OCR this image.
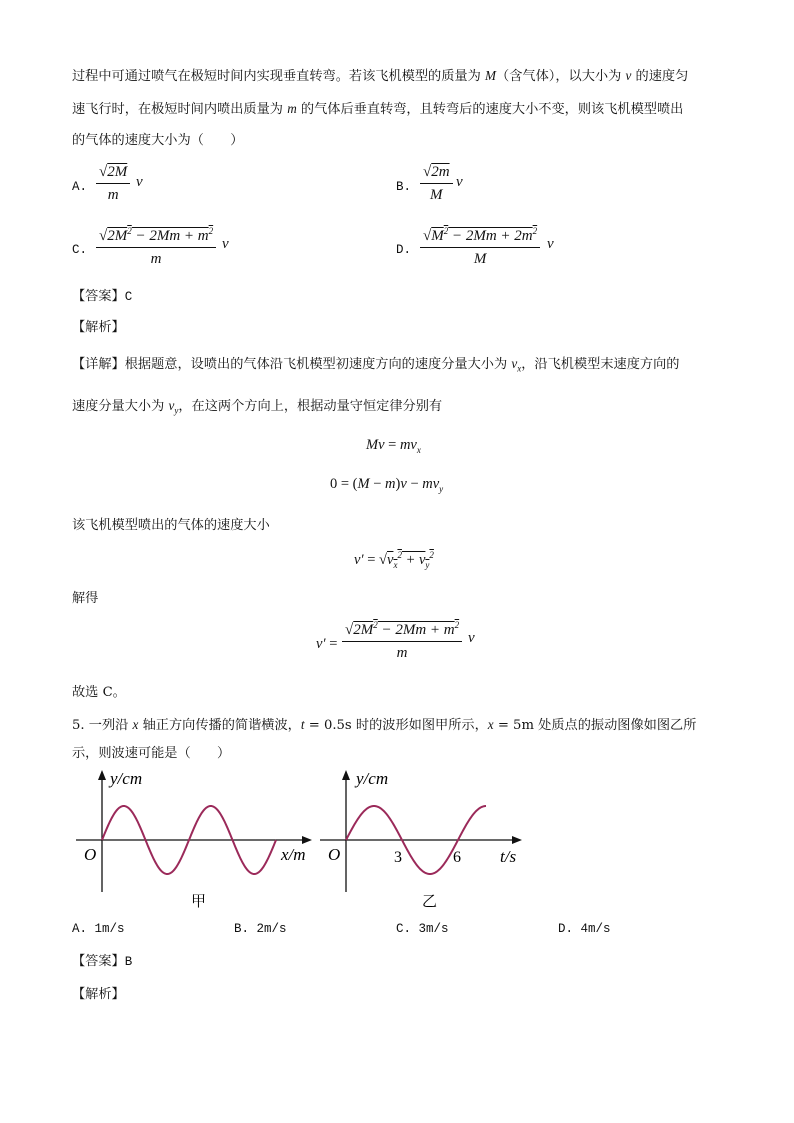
过程中可通过喷气在极短时间内实现垂直转弯。若该飞机模型的质量为 M（含气体），以大小为 v 的速度匀
速飞行时，在极短时间内喷出质量为 m 的气体后垂直转弯，且转弯后的速度大小不变，则该飞机模型喷出
的气体的速度大小为（　　）
A.
√2M
m
v	B.
√2m
M
v
C.
$√2M^2 - 2Mm + m^2$
m
v	D.
$√M^2 - 2Mm + 2m^2$
M
v
【答案】C
【解析】
【详解】根据题意，设喷出的气体沿飞机模型初速度方向的速度分量大小为 $v_x$，沿飞机模型末速度方向的
速度分量大小为 $v_y$，在这两个方向上，根据动量守恒定律分别有
$Mv = mv_x$
$0 = (M - m)v - mv_y$
该飞机模型喷出的气体的速度大小
$v' = √v_x^2 + v_y^2$
解得
v′ =
$√2M^2 - 2Mm + m^2$
m
v
故选 C。
5. 一列沿 x 轴正方向传播的简谐横波，t = 0.5s 时的波形如图甲所示，x = 5m 处质点的振动图像如图乙所
示，则波速可能是（　　）
y/cm
O	x/m
甲
y/cm
O	3	6 t/s
乙
A. 1m/s	B. 2m/s	C. 3m/s	D. 4m/s
【答案】B
【解析】
